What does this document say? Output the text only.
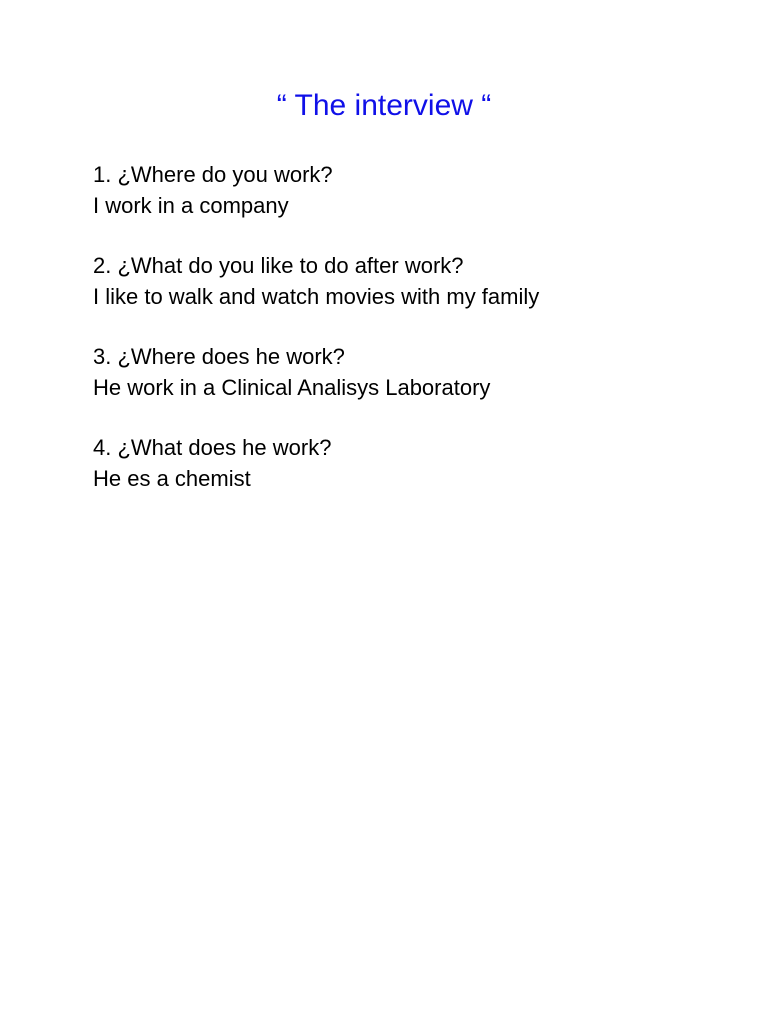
“ The interview “

1. ¿Where do you work?

I work in a company

2. ¿What do you like to do after work?

I like to walk and watch movies with my family

3. ¿Where does he work?

He work in a Clinical Analisys Laboratory

4. ¿What does he work?

He es a chemist
